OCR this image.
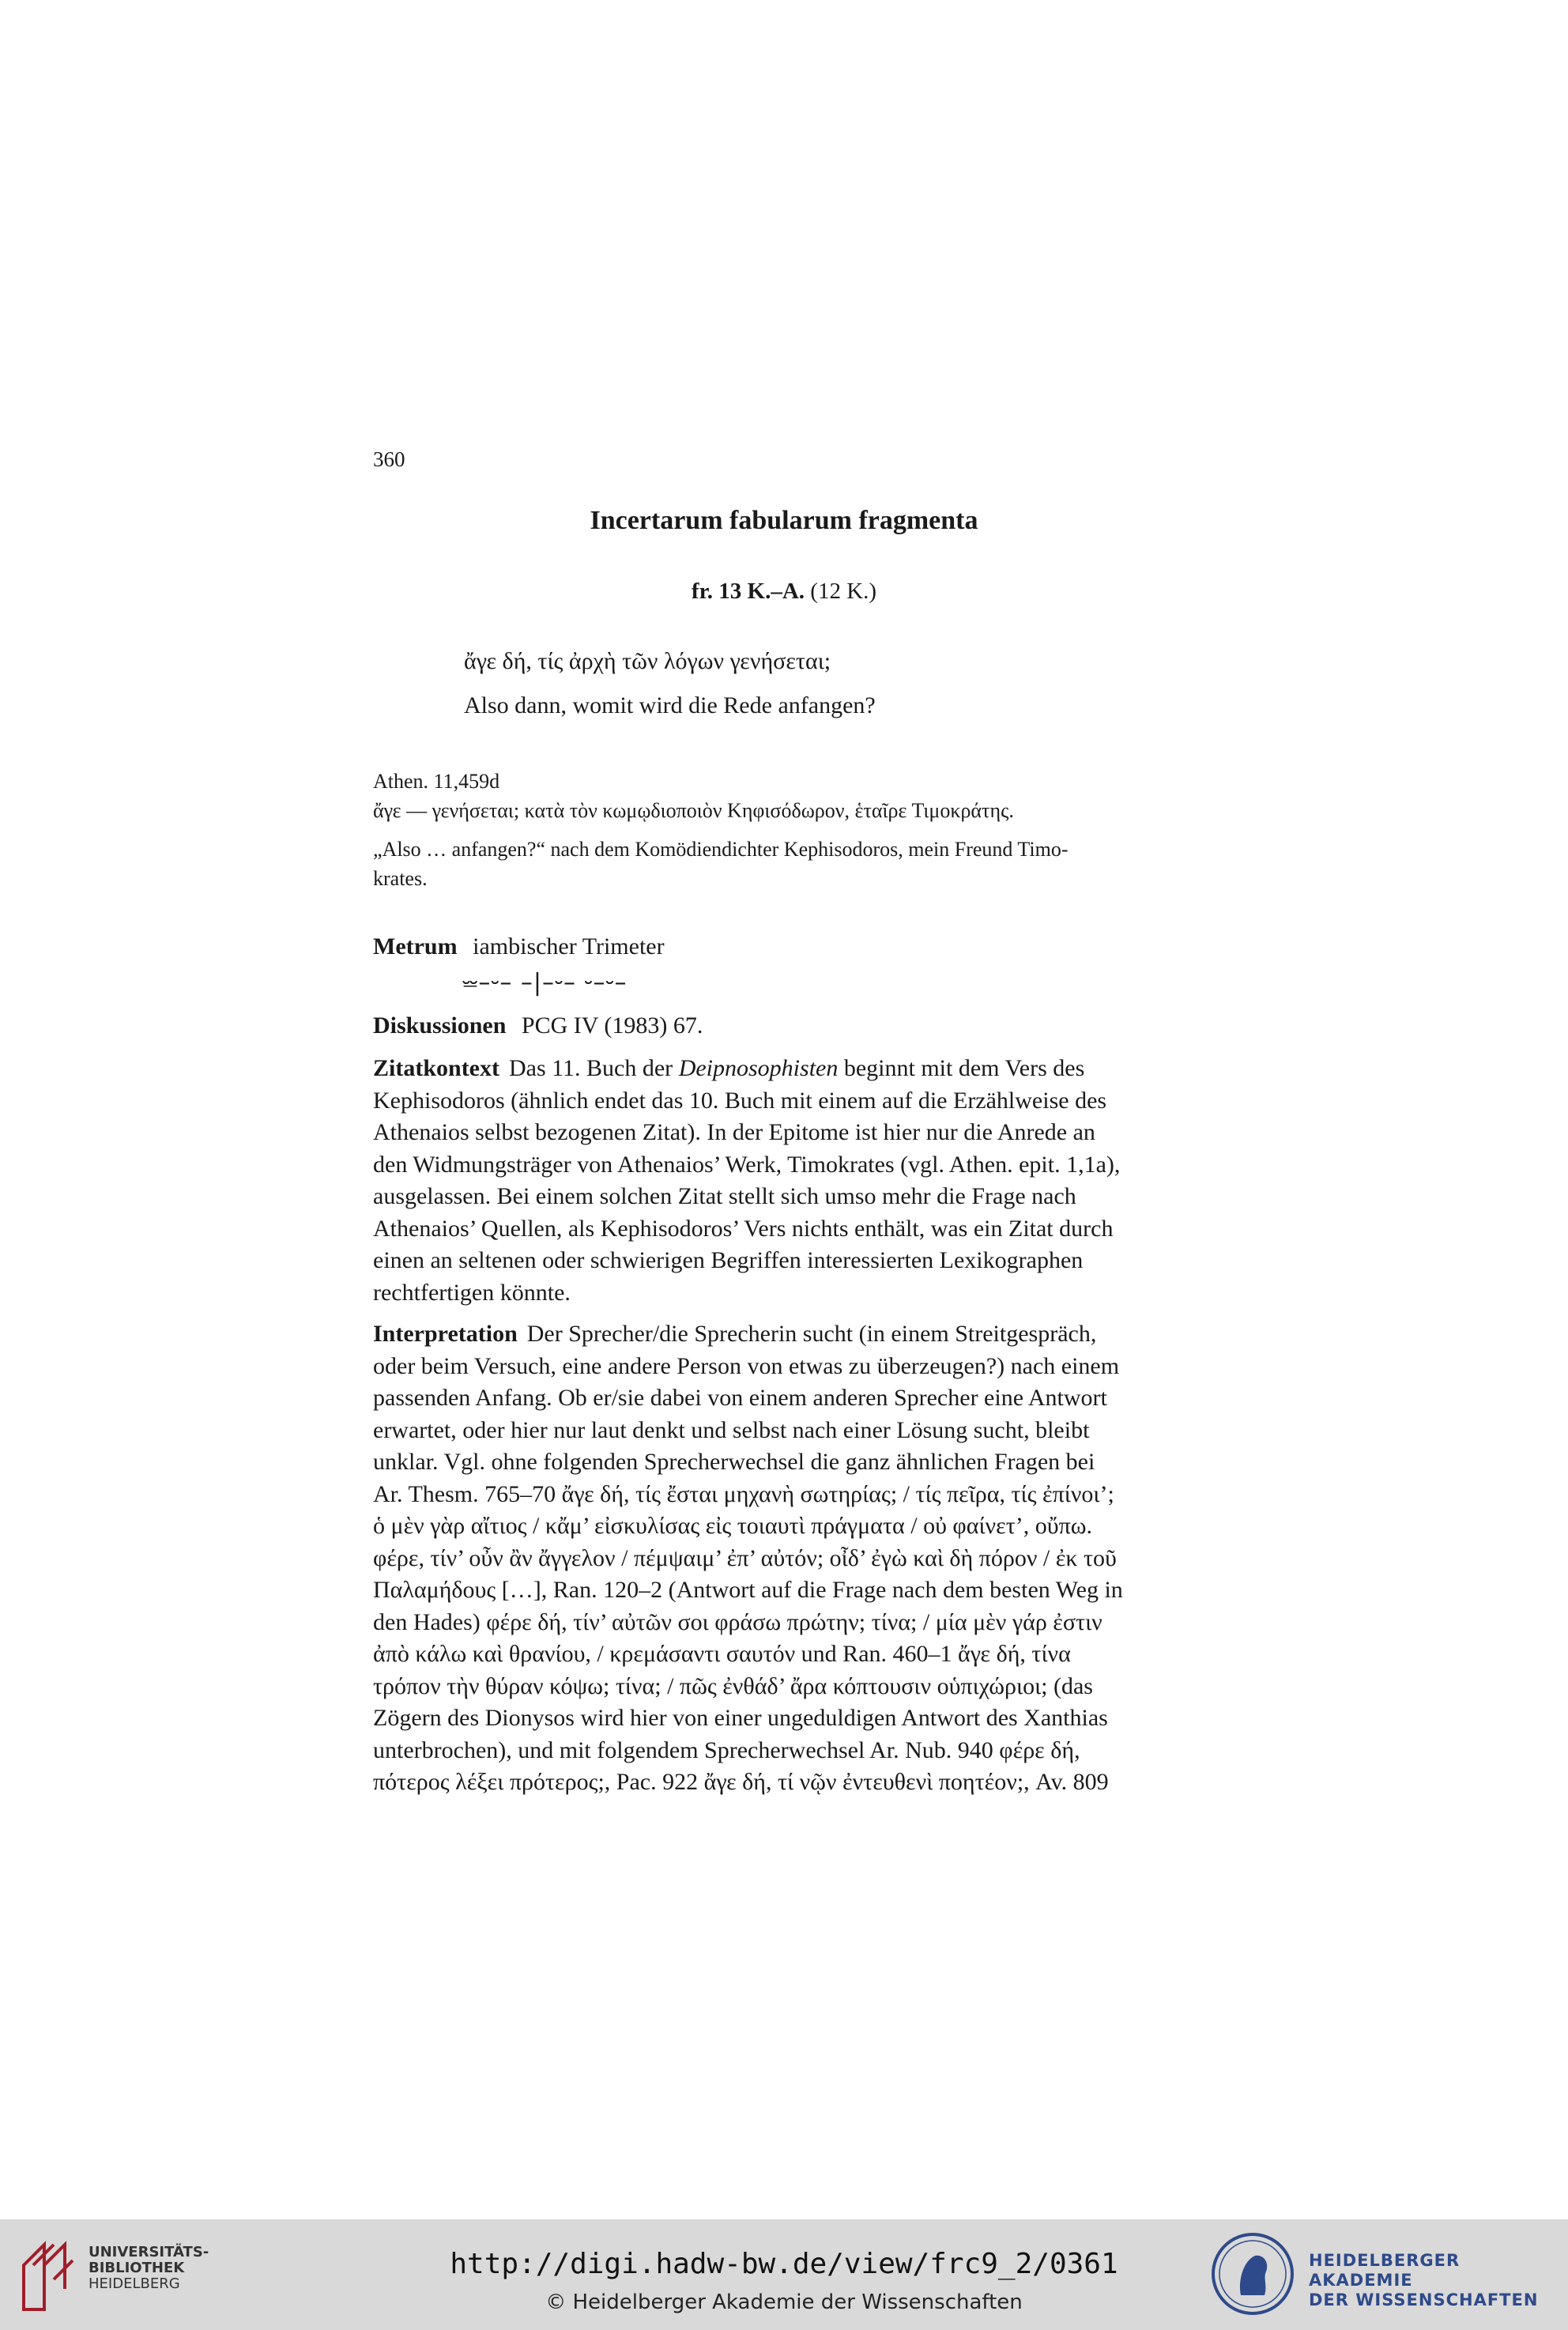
360
Incertarum fabularum fragmenta
fr. 13 K.–A. (12 K.)
ἄγε δή, τίς ἀρχὴ τῶν λόγων γενήσεται;
Also dann, womit wird die Rede anfangen?
Athen. 11,459d
ἄγε — γενήσεται; κατὰ τὸν κωμῳδιοποιὸν Κηφισόδωρον, ἑταῖρε Τιμοκράτης.
„Also … anfangen?“ nach dem Komödiendichter Kephisodoros, mein Freund Timo-
krates.
Metrum iambischer Trimeter
⏕–⏑– –|–⏑– ⏑–⏑–
Diskussionen PCG IV (1983) 67.
Zitatkontext Das 11. Buch der Deipnosophisten beginnt mit dem Vers des
Kephisodoros (ähnlich endet das 10. Buch mit einem auf die Erzählweise des
Athenaios selbst bezogenen Zitat). In der Epitome ist hier nur die Anrede an
den Widmungsträger von Athenaios’ Werk, Timokrates (vgl. Athen. epit. 1,1a),
ausgelassen. Bei einem solchen Zitat stellt sich umso mehr die Frage nach
Athenaios’ Quellen, als Kephisodoros’ Vers nichts enthält, was ein Zitat durch
einen an seltenen oder schwierigen Begriffen interessierten Lexikographen
rechtfertigen könnte.
Interpretation Der Sprecher/die Sprecherin sucht (in einem Streitgespräch,
oder beim Versuch, eine andere Person von etwas zu überzeugen?) nach einem
passenden Anfang. Ob er/sie dabei von einem anderen Sprecher eine Antwort
erwartet, oder hier nur laut denkt und selbst nach einer Lösung sucht, bleibt
unklar. Vgl. ohne folgenden Sprecherwechsel die ganz ähnlichen Fragen bei
Ar. Thesm. 765–70 ἄγε δή, τίς ἔσται μηχανὴ σωτηρίας; / τίς πεῖρα, τίς ἐπίνοι’;
ὁ μὲν γὰρ αἴτιος / κἄμ’ εἰσκυλίσας εἰς τοιαυτὶ πράγματα / οὐ φαίνετ’, οὔπω.
φέρε, τίν’ οὖν ἂν ἄγγελον / πέμψαιμ’ ἐπ’ αὐτόν; οἶδ’ ἐγὼ καὶ δὴ πόρον / ἐκ τοῦ
Παλαμήδους […], Ran. 120–2 (Antwort auf die Frage nach dem besten Weg in
den Hades) φέρε δή, τίν’ αὐτῶν σοι φράσω πρώτην; τίνα; / μία μὲν γάρ ἐστιν
ἀπὸ κάλω καὶ θρανίου, / κρεμάσαντι σαυτόν und Ran. 460–1 ἄγε δή, τίνα
τρόπον τὴν θύραν κόψω; τίνα; / πῶς ἐνθάδ’ ἄρα κόπτουσιν οὑπιχώριοι; (das
Zögern des Dionysos wird hier von einer ungeduldigen Antwort des Xanthias
unterbrochen), und mit folgendem Sprecherwechsel Ar. Nub. 940 φέρε δή,
πότερος λέξει πρότερος;, Pac. 922 ἄγε δή, τί νῷν ἐντευθενὶ ποητέον;, Av. 809
UNIVERSITÄTS-
BIBLIOTHEK
HEIDELBERG
HEIDELBERGER AKADEMIE
DER WISSENSCHAFTEN
http://digi.hadw-bw.de/view/frc9_2/0361
© Heidelberger Akademie der Wissenschaften
